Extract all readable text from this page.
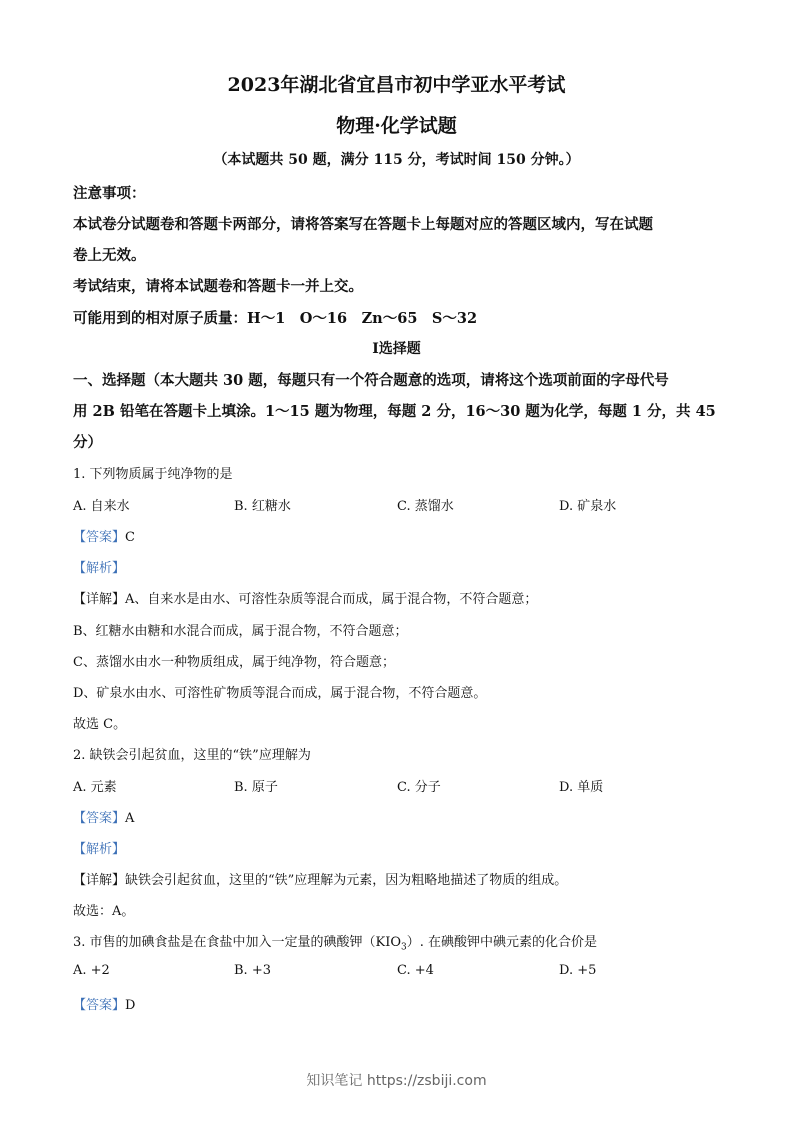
2023年湖北省宜昌市初中学亚水平考试
物理·化学试题
（本试题共 50 题，满分 115 分，考试时间 150 分钟。）
注意事项：
本试卷分试题卷和答题卡两部分，请将答案写在答题卡上每题对应的答题区域内，写在试题
卷上无效。
考试结束，请将本试题卷和答题卡一并上交。
可能用到的相对原子质量：H～1　O～16　Zn～65　S～32
Ⅰ选择题
一、选择题（本大题共 30 题，每题只有一个符合题意的选项，请将这个选项前面的字母代号
用 2B 铅笔在答题卡上填涂。1～15 题为物理，每题 2 分，16～30 题为化学，每题 1 分，共 45
分）
1. 下列物质属于纯净物的是
A. 自来水	B. 红糖水	C. 蒸馏水	D. 矿泉水
【答案】C
【解析】
【详解】A、自来水是由水、可溶性杂质等混合而成，属于混合物，不符合题意；
B、红糖水由糖和水混合而成，属于混合物，不符合题意；
C、蒸馏水由水一种物质组成，属于纯净物，符合题意；
D、矿泉水由水、可溶性矿物质等混合而成，属于混合物，不符合题意。
故选 C。
2. 缺铁会引起贫血，这里的“铁”应理解为
A. 元素	B. 原子	C. 分子	D. 单质
【答案】A
【解析】
【详解】缺铁会引起贫血，这里的“铁”应理解为元素，因为粗略地描述了物质的组成。
故选：A。
3. 市售的加碘食盐是在食盐中加入一定量的碘酸钾$(KIO_3)$. 在碘酸钾中碘元素的化合价是
A. +2	B. +3	C. +4	D. +5
【答案】D
知识笔记 https://zsbiji.com
